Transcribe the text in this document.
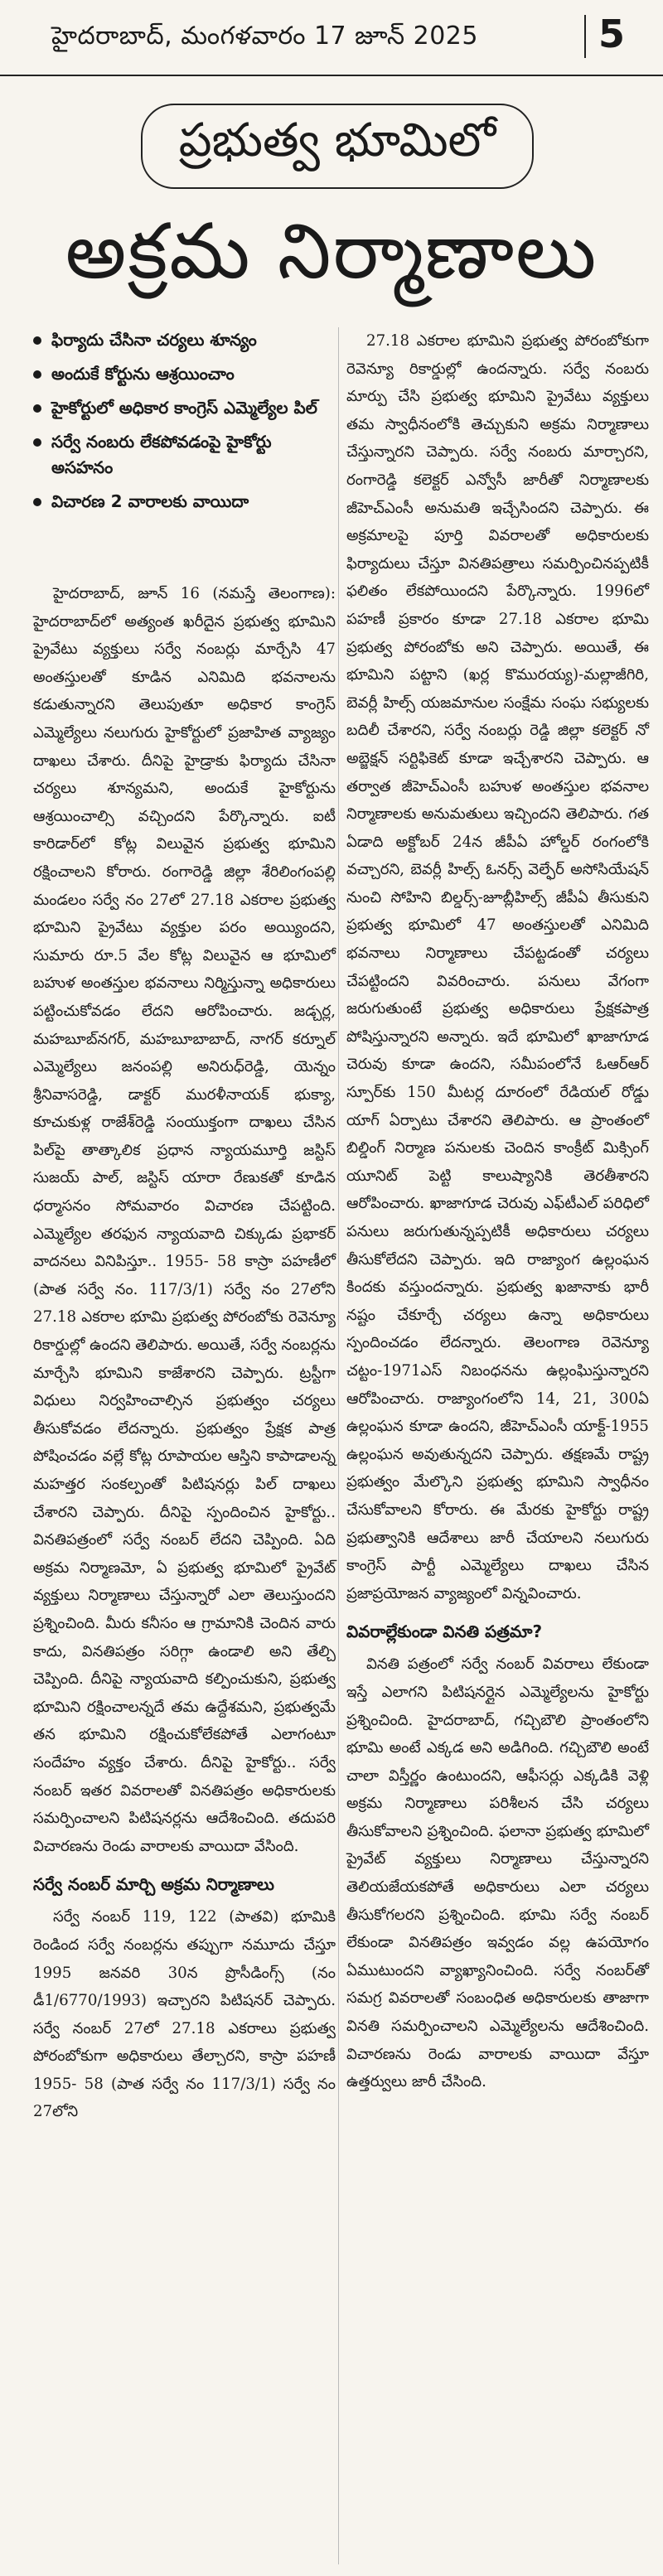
హైదరాబాద్, మంగళవారం 17 జూన్ 2025	5
ప్రభుత్వ భూమిలో
అక్రమ నిర్మాణాలు
ఫిర్యాదు చేసినా చర్యలు శూన్యం
అందుకే కోర్టును ఆశ్రయించాం
హైకోర్టులో అధికార కాంగ్రెస్ ఎమ్మెల్యేల పిల్
సర్వే నంబరు లేకపోవడంపై హైకోర్టు అసహనం
విచారణ 2 వారాలకు వాయిదా

హైదరాబాద్, జూన్ 16 (నమస్తే తెలంగాణ): హైదరాబాద్‌లో అత్యంత ఖరీదైన ప్రభుత్వ భూమిని ప్రైవేటు వ్యక్తులు సర్వే నంబర్లు మార్చేసి 47 అంతస్తులతో కూడిన ఎనిమిది భవనాలను కడుతున్నారని తెలుపుతూ అధికార కాంగ్రెస్ ఎమ్మెల్యేలు నలుగురు హైకోర్టులో ప్రజాహిత వ్యాజ్యం దాఖలు చేశారు. దీనిపై హైడ్రాకు ఫిర్యాదు చేసినా చర్యలు శూన్యమని, అందుకే హైకోర్టును ఆశ్రయించాల్సి వచ్చిందని పేర్కొన్నారు. ఐటీ కారిడార్‌లో కోట్ల విలువైన ప్రభుత్వ భూమిని రక్షించాలని కోరారు. రంగారెడ్డి జిల్లా శేరిలింగంపల్లి మండలం సర్వే నం 27లో 27.18 ఎకరాల ప్రభుత్వ భూమిని ప్రైవేటు వ్యక్తుల పరం అయ్యిందని, సుమారు రూ.5 వేల కోట్ల విలువైన ఆ భూమిలో బహుళ అంతస్తుల భవనాలు నిర్మిస్తున్నా అధికారులు పట్టించుకోవడం లేదని ఆరోపించారు. జడ్చర్ల, మహబూబ్‌నగర్, మహబూబాబాద్, నాగర్ కర్నూల్ ఎమ్మెల్యేలు జనంపల్లి అనిరుధ్‌రెడ్డి, యెన్నం శ్రీనివాసరెడ్డి, డాక్టర్ మురళీనాయక్ భుక్యా, కూచుకుళ్ల రాజేశ్‌రెడ్డి సంయుక్తంగా దాఖలు చేసిన పిల్‌పై తాత్కాలిక ప్రధాన న్యాయమూర్తి జస్టిస్ సుజయ్ పాల్, జస్టిస్ యారా రేణుకతో కూడిన ధర్మాసనం సోమవారం విచారణ చేపట్టింది. ఎమ్మెల్యేల తరఫున న్యాయవాది చిక్కుడు ప్రభాకర్ వాదనలు వినిపిస్తూ.. 1955- 58 కాస్రా పహణీలో (పాత సర్వే నం. 117/3/1) సర్వే నం 27లోని 27.18 ఎకరాల భూమి ప్రభుత్వ పోరంబోకు రెవెన్యూ రికార్డుల్లో ఉందని తెలిపారు. అయితే, సర్వే నంబర్లను మార్చేసి భూమిని కాజేశారని చెప్పారు. ట్రస్టీగా విధులు నిర్వహించాల్సిన ప్రభుత్వం చర్యలు తీసుకోవడం లేదన్నారు. ప్రభుత్వం ప్రేక్షక పాత్ర పోషించడం వల్లే కోట్ల రూపాయల ఆస్తిని కాపాడాలన్న మహత్తర సంకల్పంతో పిటిషనర్లు పిల్ దాఖలు చేశారని చెప్పారు. దీనిపై స్పందించిన హైకోర్టు.. వినతిపత్రంలో సర్వే నంబర్ లేదని చెప్పింది. ఏది అక్రమ నిర్మాణమో, ఏ ప్రభుత్వ భూమిలో ప్రైవేట్ వ్యక్తులు నిర్మాణాలు చేస్తున్నారో ఎలా తెలుస్తుందని ప్రశ్నించింది. మీరు కనీసం ఆ గ్రామానికి చెందిన వారు కాదు, వినతిపత్రం సరిగ్గా ఉండాలి అని తేల్చి చెప్పింది. దీనిపై న్యాయవాది కల్పించుకుని, ప్రభుత్వ భూమిని రక్షించాలన్నదే తమ ఉద్దేశమని, ప్రభుత్వమే తన భూమిని రక్షించుకోలేకపోతే ఎలాగంటూ సందేహం వ్యక్తం చేశారు. దీనిపై హైకోర్టు.. సర్వే నంబర్ ఇతర వివరాలతో వినతిపత్రం అధికారులకు సమర్పించాలని పిటిషనర్లను ఆదేశించింది. తదుపరి విచారణను రెండు వారాలకు వాయిదా వేసింది.

సర్వే నంబర్ మార్చి అక్రమ నిర్మాణాలు

సర్వే నంబర్ 119, 122 (పాతవి) భూమికి రెండింద సర్వే నంబర్లను తప్పుగా నమూదు చేస్తూ 1995 జనవరి 30న ప్రొసీడింగ్స్ (నం డీ1/6770/1993) ఇచ్చారని పిటిషనర్ చెప్పారు. సర్వే నంబర్ 27లో 27.18 ఎకరాలు ప్రభుత్వ పోరంబోకుగా అధికారులు తేల్చారని, కాస్రా పహణీ 1955- 58 (పాత సర్వే నం 117/3/1) సర్వే నం 27లోని

27.18 ఎకరాల భూమిని ప్రభుత్వ పోరంబోకుగా రెవెన్యూ రికార్డుల్లో ఉందన్నారు. సర్వే నంబరు మార్పు చేసి ప్రభుత్వ భూమిని ప్రైవేటు వ్యక్తులు తమ స్వాధీనంలోకి తెచ్చుకుని అక్రమ నిర్మాణాలు చేస్తున్నారని చెప్పారు. సర్వే నంబరు మార్చారని, రంగారెడ్డి కలెక్టర్ ఎన్వోసీ జారీతో నిర్మాణాలకు జీహెచ్ఎంసీ అనుమతి ఇచ్చేసిందని చెప్పారు. ఈ అక్రమాలపై పూర్తి వివరాలతో అధికారులకు ఫిర్యాదులు చేస్తూ వినతిపత్రాలు సమర్పించినప్పటికీ ఫలితం లేకపోయిందని పేర్కొన్నారు. 1996లో పహణీ ప్రకారం కూడా 27.18 ఎకరాల భూమి ప్రభుత్వ పోరంబోకు అని చెప్పారు. అయితే, ఈ భూమిని పట్టాని (ఖర్ల కొమురయ్య)-మల్లాజీగిరి, బెవర్లీ హిల్స్ యజమానుల సంక్షేమ సంఘ సభ్యులకు బదిలీ చేశారని, సర్వే నంబర్లు రెడ్డి జిల్లా కలెక్టర్ నో అబ్జెక్షన్ సర్టిఫికెట్ కూడా ఇచ్చేశారని చెప్పారు. ఆ తర్వాత జీహెచ్ఎంసీ బహుళ అంతస్తుల భవనాల నిర్మాణాలకు అనుమతులు ఇచ్చిందని తెలిపారు. గత ఏడాది అక్టోబర్ 24న జీపీఏ హోల్డర్ రంగంలోకి వచ్చారని, బెవర్లీ హిల్స్ ఓనర్స్ వెల్ఫేర్ అసోసియేషన్ నుంచి సోహిని బిల్డర్స్-జూబ్లీహిల్స్ జీపీఏ తీసుకుని ప్రభుత్వ భూమిలో 47 అంతస్తులతో ఎనిమిది భవనాలు నిర్మాణాలు చేపట్టడంతో చర్యలు చేపట్టిందని వివరించారు. పనులు వేగంగా జరుగుతుంటే ప్రభుత్వ అధికారులు ప్రేక్షకపాత్ర పోషిస్తున్నారని అన్నారు. ఇదే భూమిలో ఖాజాగూడ చెరువు కూడా ఉందని, సమీపంలోనే ఓఆర్ఆర్ స్పూర్‌కు 150 మీటర్ల దూరంలో రేడియల్ రోడ్డు యాగ్ ఏర్పాటు చేశారని తెలిపారు. ఆ ప్రాంతంలో బిల్డింగ్ నిర్మాణ పనులకు చెందిన కాంక్రీట్ మిక్సింగ్ యూనిట్ పెట్టి కాలుష్యానికి తెరతీశారని ఆరోపించారు. ఖాజాగూడ చెరువు ఎఫ్‌టీఎల్ పరిధిలో పనులు జరుగుతున్నప్పటికీ అధికారులు చర్యలు తీసుకోలేదని చెప్పారు. ఇది రాజ్యాంగ ఉల్లంఘన కిందకు వస్తుందన్నారు. ప్రభుత్వ ఖజానాకు భారీ నష్టం చేకూర్చే చర్యలు ఉన్నా అధికారులు స్పందించడం లేదన్నారు. తెలంగాణ రెవెన్యూ చట్టం-1971ఎస్ నిబంధనను ఉల్లంఘిస్తున్నారని ఆరోపించారు. రాజ్యాంగంలోని 14, 21, 300ఏ ఉల్లంఘన కూడా ఉందని, జీహెచ్ఎంసీ యాక్ట్-1955 ఉల్లంఘన అవుతున్నదని చెప్పారు. తక్షణమే రాష్ట్ర ప్రభుత్వం మేల్కొని ప్రభుత్వ భూమిని స్వాధీనం చేసుకోవాలని కోరారు. ఈ మేరకు హైకోర్టు రాష్ట్ర ప్రభుత్వానికి ఆదేశాలు జారీ చేయాలని నలుగురు కాంగ్రెస్ పార్టీ ఎమ్మెల్యేలు దాఖలు చేసిన ప్రజాప్రయోజన వ్యాజ్యంలో విన్నవించారు.

వివరాల్లేకుండా వినతి పత్రమా?

వినతి పత్రంలో సర్వే నంబర్ వివరాలు లేకుండా ఇస్తే ఎలాగని పిటిషనర్లైన ఎమ్మెల్యేలను హైకోర్టు ప్రశ్నించింది. హైదరాబాద్, గచ్చిబౌలి ప్రాంతంలోని భూమి అంటే ఎక్కడ అని అడిగింది. గచ్చిబౌలి అంటే చాలా విస్తీర్ణం ఉంటుందని, ఆఫీసర్లు ఎక్కడికి వెళ్లి అక్రమ నిర్మాణాలు పరిశీలన చేసి చర్యలు తీసుకోవాలని ప్రశ్నించింది. ఫలానా ప్రభుత్వ భూమిలో ప్రైవేట్ వ్యక్తులు నిర్మాణాలు చేస్తున్నారని తెలియజేయకపోతే అధికారులు ఎలా చర్యలు తీసుకోగలరని ప్రశ్నించింది. భూమి సర్వే నంబర్ లేకుండా వినతిపత్రం ఇవ్వడం వల్ల ఉపయోగం ఏముటుందని వ్యాఖ్యానించింది. సర్వే నంబర్‌తో సమగ్ర వివరాలతో సంబంధిత అధికారులకు తాజాగా వినతి సమర్పించాలని ఎమ్మెల్యేలను ఆదేశించింది. విచారణను రెండు వారాలకు వాయిదా వేస్తూ ఉత్తర్వులు జారీ చేసింది.
